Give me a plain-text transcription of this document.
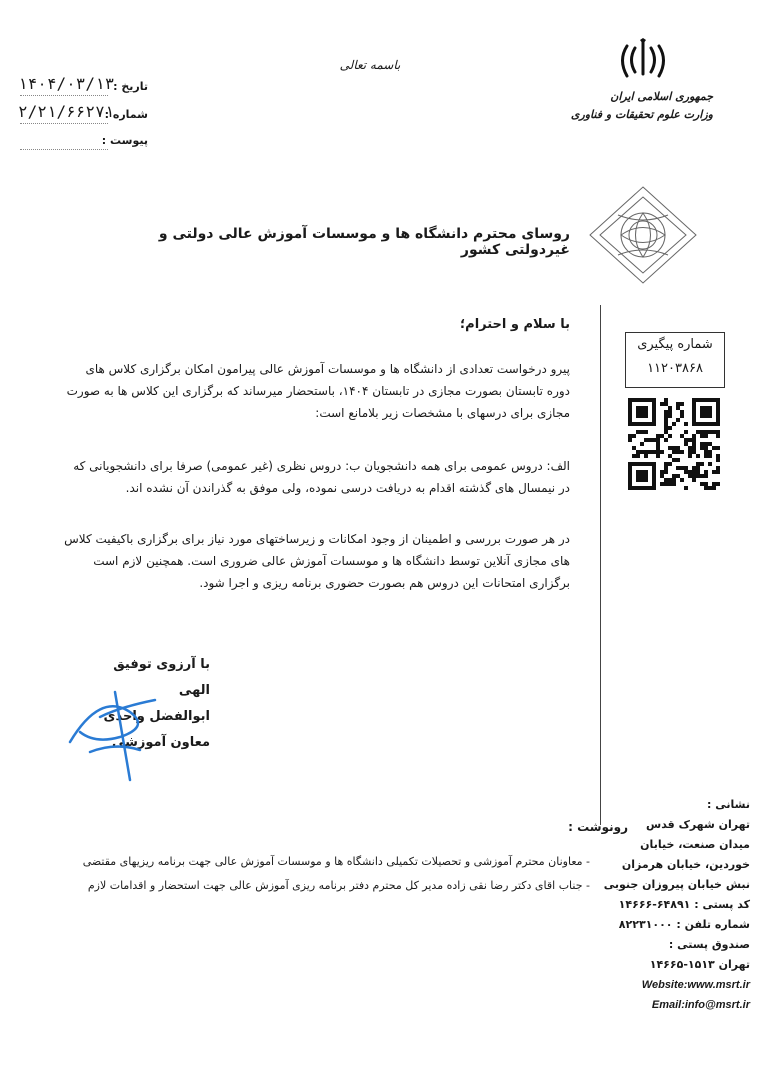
تاریخ :
۱۴۰۴/۰۳/۱۳
شماره :
۲/۲۱/۶۶۲۷۱
پیوست :
باسمه تعالی
جمهوری اسلامی ایران
وزارت علوم تحقیقات و فناوری
روسای محترم دانشگاه ها و موسسات آموزش عالی دولتی و غیردولتی کشور
با سلام و احترام؛
پیرو درخواست تعدادی از دانشگاه ها و موسسات آموزش عالی پیرامون امکان برگزاری کلاس های دوره تابستان بصورت مجازی در تابستان ۱۴۰۴، باستحضار میرساند که برگزاری این کلاس ها به صورت مجازی برای درسهای با مشخصات زیر بلامانع است:
الف: دروس عمومی برای همه دانشجویان ب: دروس نظری (غیر عمومی) صرفا برای دانشجویانی که در نیمسال های گذشته اقدام به دریافت درسی نموده، ولی موفق به گذراندن آن نشده اند.
در هر صورت بررسی و اطمینان از وجود امکانات و زیرساختهای مورد نیاز برای برگزاری باکیفیت کلاس های مجازی آنلاین توسط دانشگاه ها و موسسات آموزش عالی ضروری است. همچنین لازم است برگزاری امتحانات این دروس هم بصورت حضوری برنامه ریزی و اجرا شود.
شماره پیگیری
۱۱۲۰۳۸۶۸
با آرزوی توفیق الهی
ابوالفضل واحدی
معاون آموزشی
رونوشت :
- معاونان محترم آموزشی و تحصیلات تکمیلی دانشگاه ها و موسسات آموزش عالی جهت برنامه ریزیهای مقتضی
- جناب اقای دکتر رضا نقی زاده مدیر کل محترم دفتر برنامه ریزی آموزش عالی جهت استحضار و اقدامات لازم
نشانی :
تهران شهرک قدس
میدان صنعت، خیابان
خوردین، خیابان هرمزان
نبش خیابان پیروزان جنوبی
کد پستی : ۶۴۸۹۱-۱۴۶۶۶
شماره تلفن : ۸۲۲۳۱۰۰۰
صندوق پستی :
تهران ۱۵۱۳-۱۴۶۶۵
Website:www.msrt.ir
Email:info@msrt.ir
